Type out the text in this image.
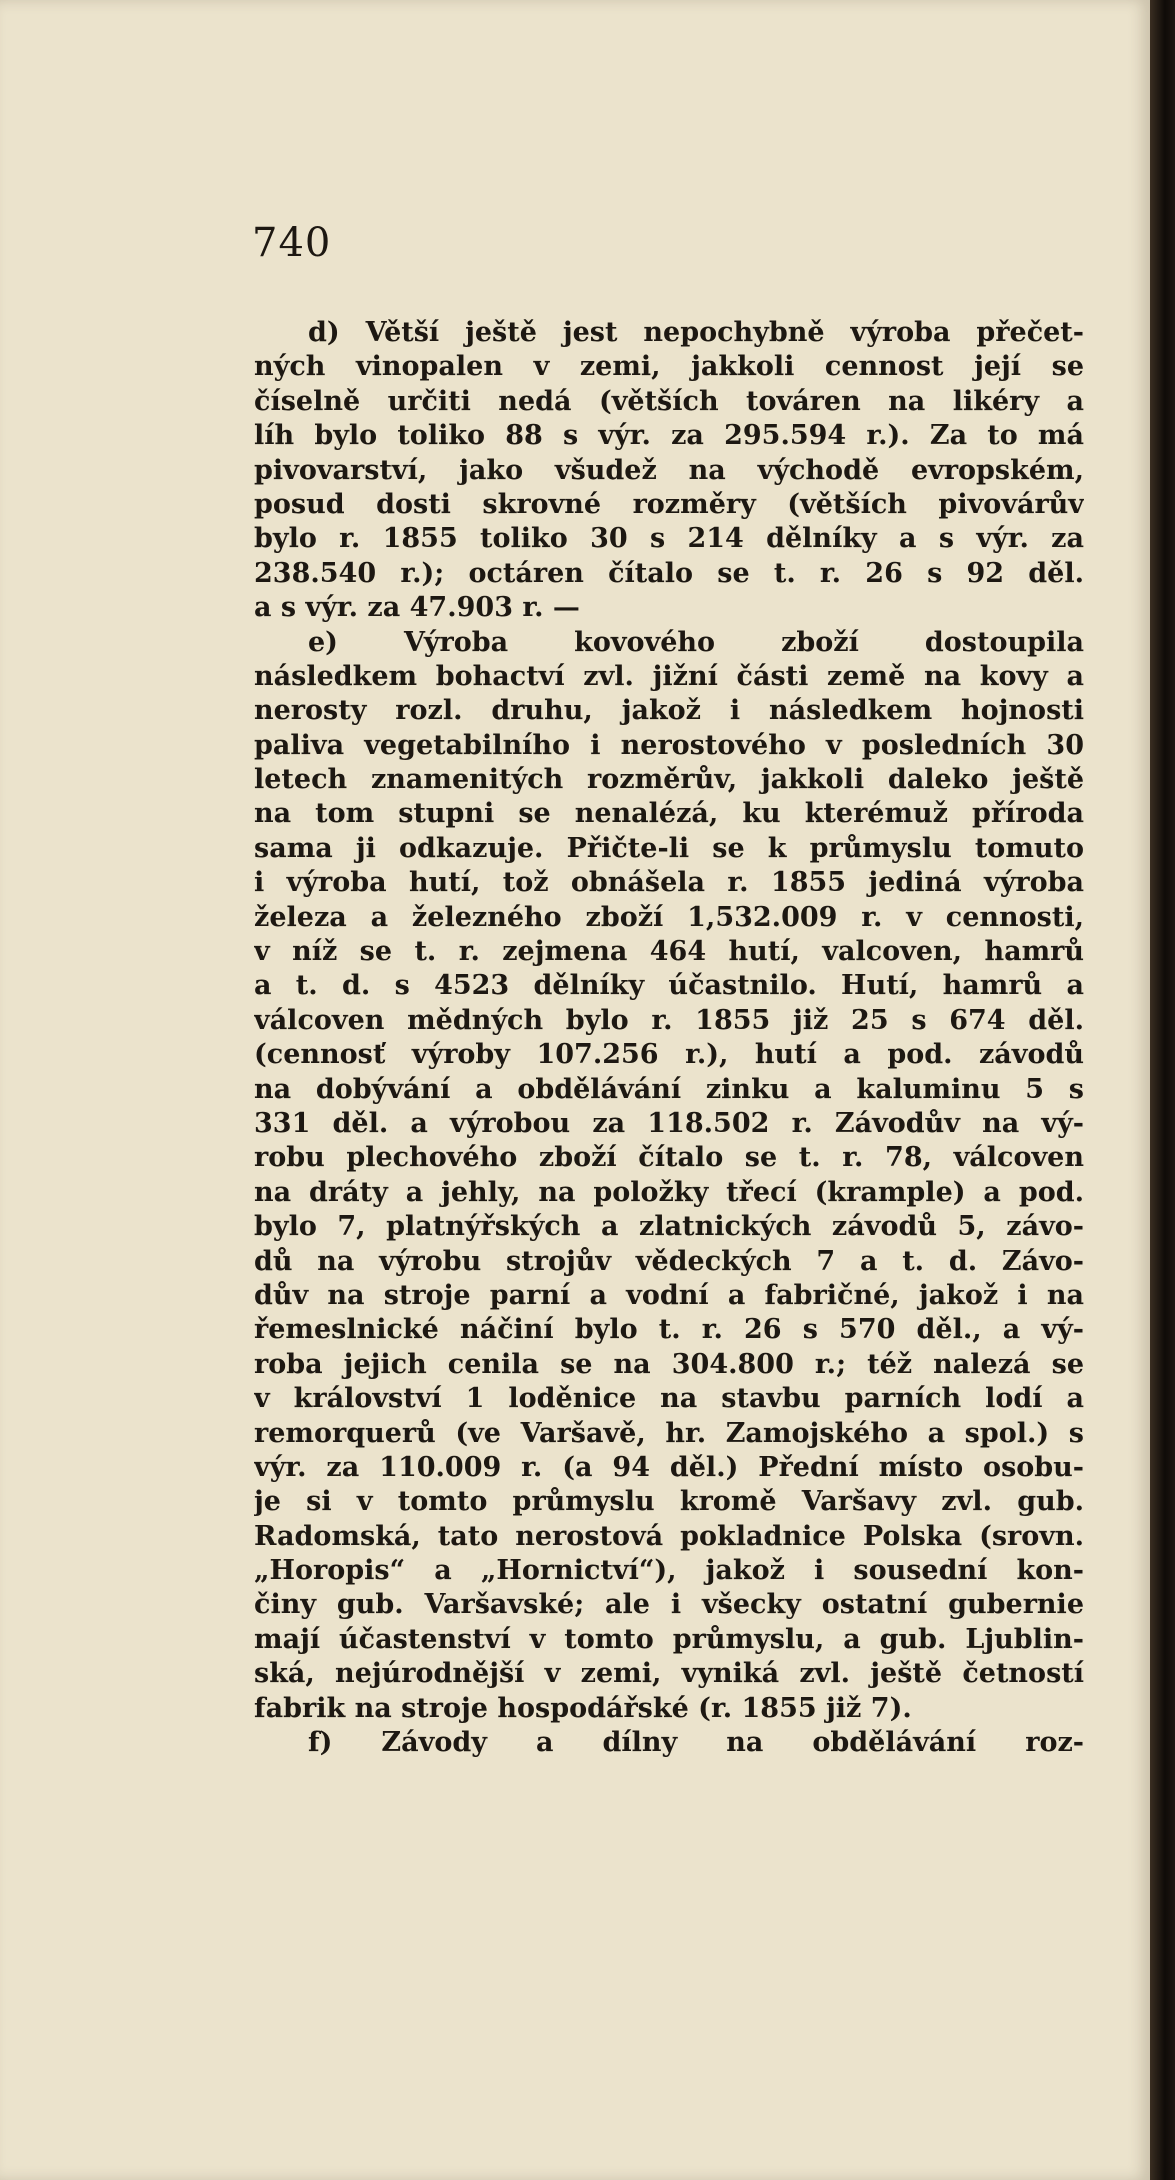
740
d) Větší ještě jest nepochybně výroba přečet-
ných vinopalen v zemi, jakkoli cennost její se
číselně určiti nedá (větších továren na likéry a
líh bylo toliko 88 s výr. za 295.594 r.). Za to má
pivovarství, jako všudež na východě evropském,
posud dosti skrovné rozměry (větších pivovárův
bylo r. 1855 toliko 30 s 214 dělníky a s výr. za
238.540 r.); octáren čítalo se t. r. 26 s 92 děl.
a s výr. za 47.903 r. —
e) Výroba kovového zboží dostoupila
následkem bohactví zvl. jižní části země na kovy a
nerosty rozl. druhu, jakož i následkem hojnosti
paliva vegetabilního i nerostového v posledních 30
letech znamenitých rozměrův, jakkoli daleko ještě
na tom stupni se nenalézá, ku kterémuž příroda
sama ji odkazuje. Přičte-li se k průmyslu tomuto
i výroba hutí, tož obnášela r. 1855 jediná výroba
železa a železného zboží 1,532.009 r. v cennosti,
v níž se t. r. zejmena 464 hutí, valcoven, hamrů
a t. d. s 4523 dělníky účastnilo. Hutí, hamrů a
válcoven mědných bylo r. 1855 již 25 s 674 děl.
(cennosť výroby 107.256 r.), hutí a pod. závodů
na dobývání a obdělávání zinku a kaluminu 5 s
331 děl. a výrobou za 118.502 r. Závodův na vý-
robu plechového zboží čítalo se t. r. 78, válcoven
na dráty a jehly, na položky třecí (krample) a pod.
bylo 7, platnýřských a zlatnických závodů 5, závo-
dů na výrobu strojův vědeckých 7 a t. d. Závo-
dův na stroje parní a vodní a fabričné, jakož i na
řemeslnické náčiní bylo t. r. 26 s 570 děl., a vý-
roba jejich cenila se na 304.800 r.; též nalezá se
v království 1 loděnice na stavbu parních lodí a
remorquerů (ve Varšavě, hr. Zamojského a spol.) s
výr. za 110.009 r. (a 94 děl.) Přední místo osobu-
je si v tomto průmyslu kromě Varšavy zvl. gub.
Radomská, tato nerostová pokladnice Polska (srovn.
„Horopis“ a „Hornictví“), jakož i sousední kon-
činy gub. Varšavské; ale i všecky ostatní gubernie
mají účastenství v tomto průmyslu, a gub. Ljublin-
ská, nejúrodnější v zemi, vyniká zvl. ještě četností
fabrik na stroje hospodářské (r. 1855 již 7).
f) Závody a dílny na obdělávání roz-
